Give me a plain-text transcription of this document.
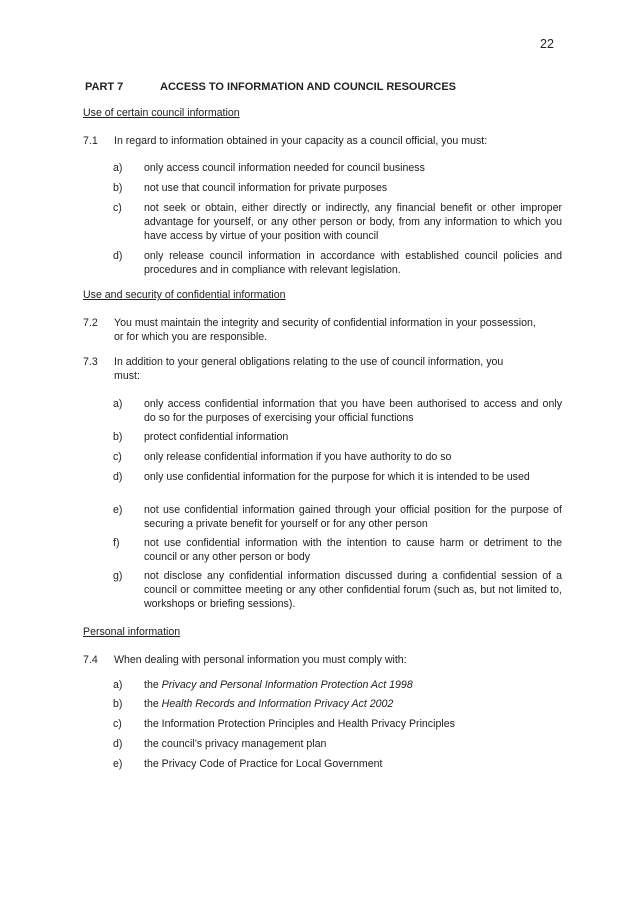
22
PART 7	ACCESS TO INFORMATION AND COUNCIL RESOURCES
Use of certain council information
7.1 In regard to information obtained in your capacity as a council official, you must:
a) only access council information needed for council business
b) not use that council information for private purposes
c) not seek or obtain, either directly or indirectly, any financial benefit or other improper advantage for yourself, or any other person or body, from any information to which you have access by virtue of your position with council
d) only release council information in accordance with established council policies and procedures and in compliance with relevant legislation.
Use and security of confidential information
7.2 You must maintain the integrity and security of confidential information in your possession, or for which you are responsible.
7.3 In addition to your general obligations relating to the use of council information, you must:
a) only access confidential information that you have been authorised to access and only do so for the purposes of exercising your official functions
b) protect confidential information
c) only release confidential information if you have authority to do so
d) only use confidential information for the purpose for which it is intended to be used
e) not use confidential information gained through your official position for the purpose of securing a private benefit for yourself or for any other person
f) not use confidential information with the intention to cause harm or detriment to the council or any other person or body
g) not disclose any confidential information discussed during a confidential session of a council or committee meeting or any other confidential forum (such as, but not limited to, workshops or briefing sessions).
Personal information
7.4 When dealing with personal information you must comply with:
a) the Privacy and Personal Information Protection Act 1998
b) the Health Records and Information Privacy Act 2002
c) the Information Protection Principles and Health Privacy Principles
d) the council’s privacy management plan
e) the Privacy Code of Practice for Local Government
